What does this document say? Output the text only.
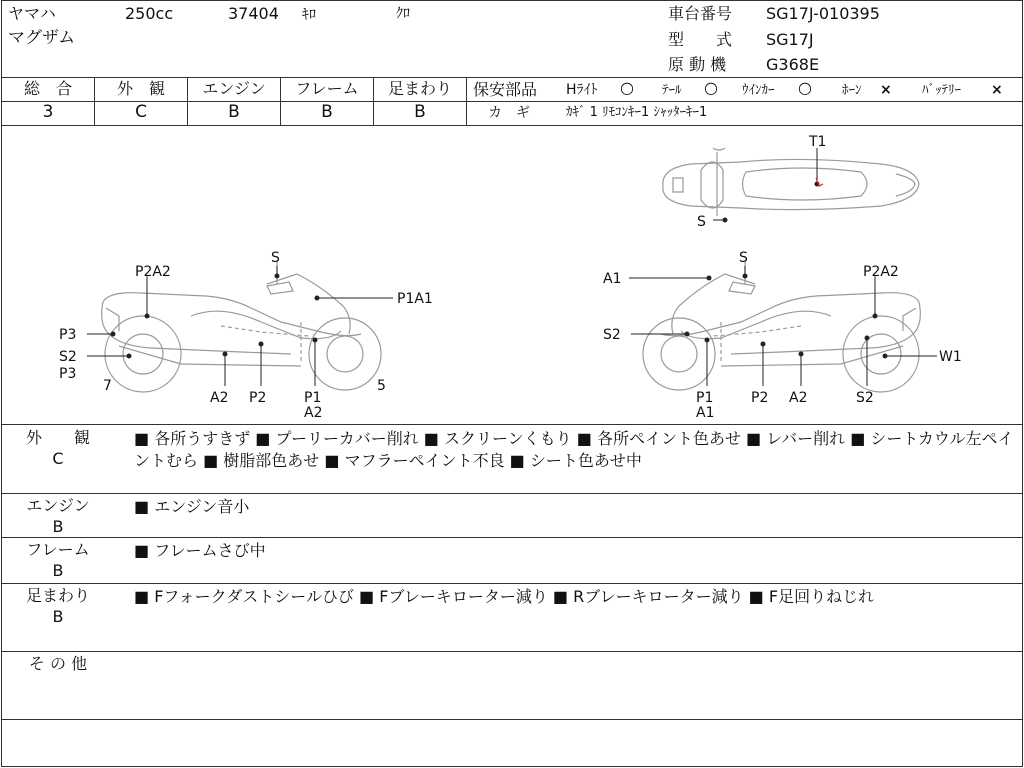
ヤマハ	250cc	37404 ｷﾛ	ｸﾛ
マグザム
車台番号 SG17J-010395
型　　式 SG17J
原 動 機 G368E
総　合	外　観	エンジン	フレーム	足まわり
3	C	B	B	B
保安部品 Hﾗｲﾄ ○ ﾃｰﾙ ○ ｳｲﾝｶｰ ○ ﾎｰﾝ × ﾊﾞｯﾃﾘｰ ×
カ　ギ	ｶｷﾞ 1 ﾘﾓｺﾝｷｰ1 ｼｬｯﾀｰｷｰ1
T1
S
S
P2A2
P1A1
P3
S2
P3
7
A2 P2	P1
A2
5
S
A1	P2A2
S2
W1
P1
A1
P2 A2	S2
外　　観
C
■ 各所うすきず ■ プーリーカバー削れ ■ スクリーンくもり ■ 各所ペイント色あせ ■ レバー削れ ■ シートカウル左ペイントむら ■ 樹脂部色あせ ■ マフラーペイント不良 ■ シート色あせ中
エンジン
B
■ エンジン音小
フレーム
B
■ フレームさび中
足まわり
B
■ Fフォークダストシールひび ■ Fブレーキローター減り ■ Rブレーキローター減り ■ F足回りねじれ
そ の 他
